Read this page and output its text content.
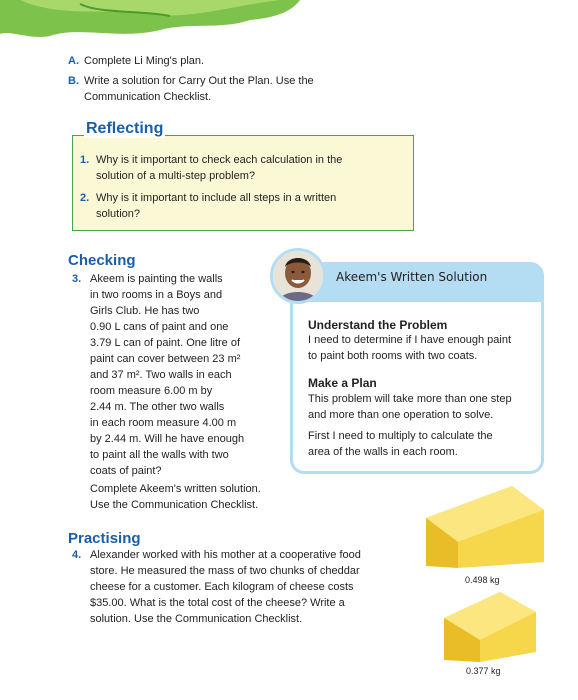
A. Complete Li Ming's plan.
B. Write a solution for Carry Out the Plan. Use the
Communication Checklist.
Reflecting
1. Why is it important to check each calculation in the
solution of a multi-step problem?
2. Why is it important to include all steps in a written
solution?
Checking
3. Akeem is painting the walls
in two rooms in a Boys and
Girls Club. He has two
0.90 L cans of paint and one
3.79 L can of paint. One litre of
paint can cover between 23 m²
and 37 m². Two walls in each
room measure 6.00 m by
2.44 m. The other two walls
in each room measure 4.00 m
by 2.44 m. Will he have enough
to paint all the walls with two
coats of paint?
Complete Akeem's written solution.
Use the Communication Checklist.
Akeem's Written Solution
Understand the Problem
I need to determine if I have enough paint
to paint both rooms with two coats.
Make a Plan
This problem will take more than one step
and more than one operation to solve.
First I need to multiply to calculate the
area of the walls in each room.
Practising
4. Alexander worked with his mother at a cooperative food
store. He measured the mass of two chunks of cheddar
cheese for a customer. Each kilogram of cheese costs
$35.00. What is the total cost of the cheese? Write a
solution. Use the Communication Checklist.
0.498 kg
0.377 kg
